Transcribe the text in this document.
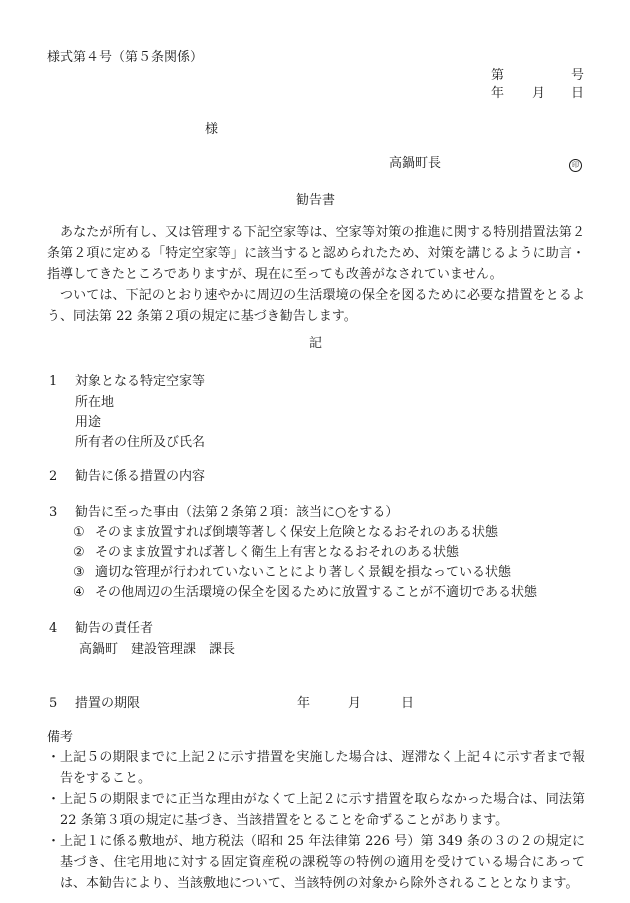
様式第４号（第５条関係）
第	号
年 月 日
様
高鍋町長	印
勧告書

あなたが所有し、又は管理する下記空家等は、空家等対策の推進に関する特別措置法第２条第２項に定める「特定空家等」に該当すると認められたため、対策を講じるように助言・指導してきたところでありますが、現在に至っても改善がなされていません。

ついては、下記のとおり速やかに周辺の生活環境の保全を図るために必要な措置をとるよう、同法第 22 条第２項の規定に基づき勧告します。

記
1 対象となる特定空家等
所在地
用途
所有者の住所及び氏名
2 勧告に係る措置の内容
3 勧告に至った事由（法第２条第２項：該当に○をする）
① そのまま放置すれば倒壊等著しく保安上危険となるおそれのある状態
② そのまま放置すれば著しく衛生上有害となるおそれのある状態
③ 適切な管理が行われていないことにより著しく景観を損なっている状態
④ その他周辺の生活環境の保全を図るために放置することが不適切である状態
4 勧告の責任者
高鍋町　建設管理課　課長
5 措置の期限	年	月	日
備考
・ 上記５の期限までに上記２に示す措置を実施した場合は、遅滞なく上記４に示す者まで報告をすること。
・ 上記５の期限までに正当な理由がなくて上記２に示す措置を取らなかった場合は、同法第 22 条第３項の規定に基づき、当該措置をとることを命ずることがあります。
・ 上記１に係る敷地が、地方税法（昭和 25 年法律第 226 号）第 349 条の３の２の規定に基づき、住宅用地に対する固定資産税の課税等の特例の適用を受けている場合にあっては、本勧告により、当該敷地について、当該特例の対象から除外されることとなります。
